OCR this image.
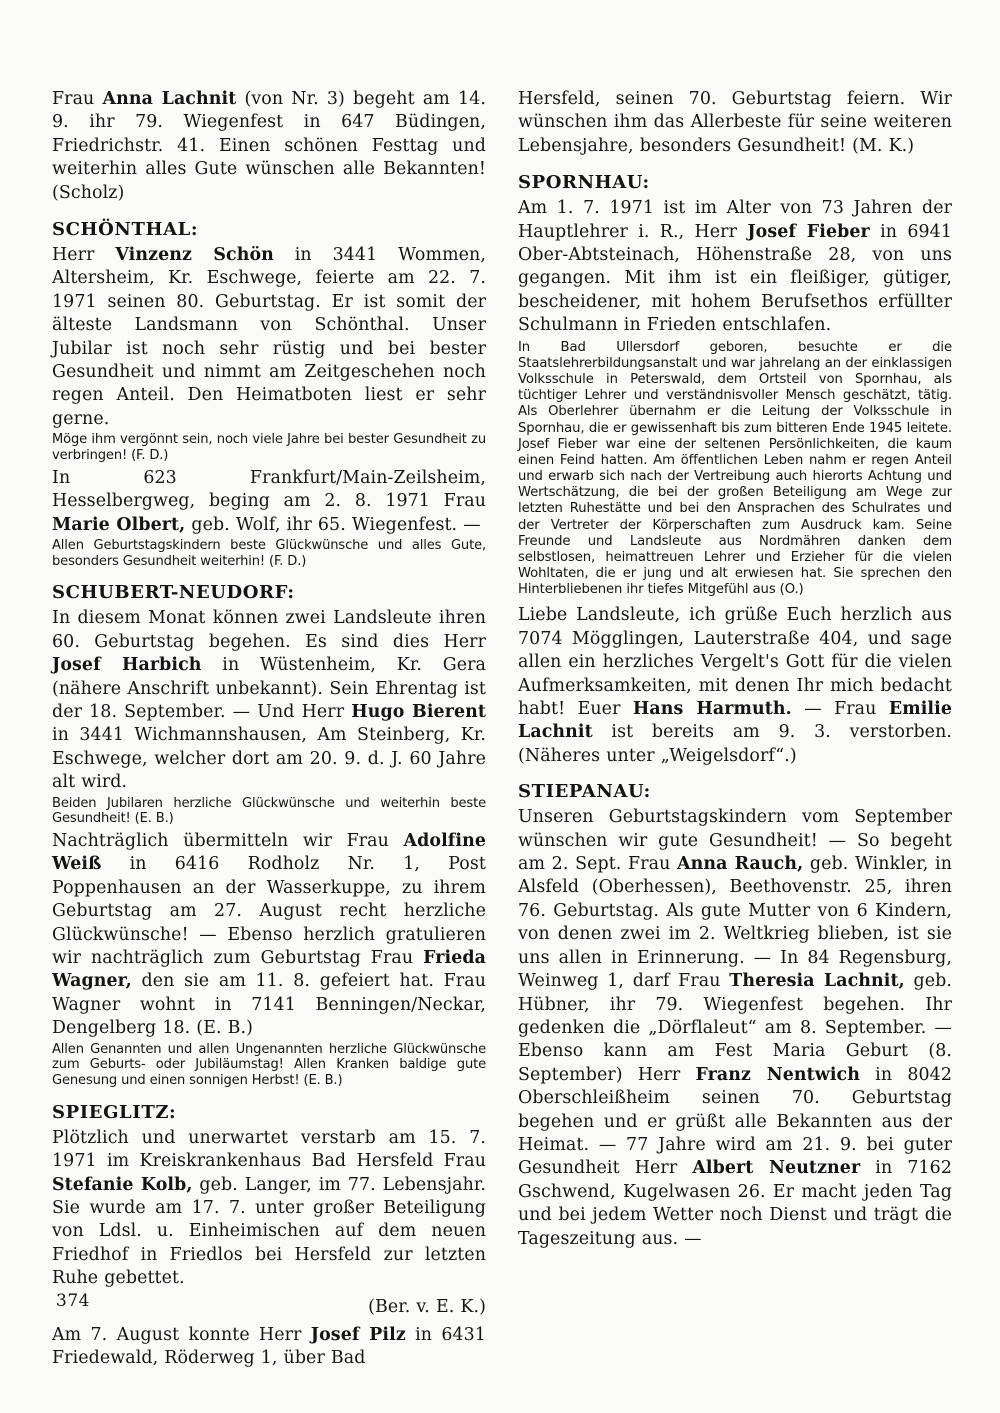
Frau Anna Lachnit (von Nr. 3) begeht am 14. 9. ihr 79. Wiegenfest in 647 Büdingen, Friedrichstr. 41. Einen schönen Festtag und weiterhin alles Gute wünschen alle Bekannten! (Scholz)

SCHÖNTHAL:

Herr Vinzenz Schön in 3441 Wommen, Altersheim, Kr. Eschwege, feierte am 22. 7. 1971 seinen 80. Geburtstag. Er ist somit der älteste Landsmann von Schönthal. Unser Jubilar ist noch sehr rüstig und bei bester Gesundheit und nimmt am Zeitgeschehen noch regen Anteil. Den Heimatboten liest er sehr gerne.

Möge ihm vergönnt sein, noch viele Jahre bei bester Gesundheit zu verbringen! (F. D.)

In 623 Frankfurt/Main-Zeilsheim, Hesselbergweg, beging am 2. 8. 1971 Frau Marie Olbert, geb. Wolf, ihr 65. Wiegenfest. —

Allen Geburtstagskindern beste Glückwünsche und alles Gute, besonders Gesundheit weiterhin! (F. D.)

SCHUBERT-NEUDORF:

In diesem Monat können zwei Landsleute ihren 60. Geburtstag begehen. Es sind dies Herr Josef Harbich in Wüstenheim, Kr. Gera (nähere Anschrift unbekannt). Sein Ehrentag ist der 18. September. — Und Herr Hugo Bierent in 3441 Wichmannshausen, Am Steinberg, Kr. Eschwege, welcher dort am 20. 9. d. J. 60 Jahre alt wird.

Beiden Jubilaren herzliche Glückwünsche und weiterhin beste Gesundheit! (E. B.)

Nachträglich übermitteln wir Frau Adolfine Weiß in 6416 Rodholz Nr. 1, Post Poppenhausen an der Wasserkuppe, zu ihrem Geburtstag am 27. August recht herzliche Glückwünsche! — Ebenso herzlich gratulieren wir nachträglich zum Geburtstag Frau Frieda Wagner, den sie am 11. 8. gefeiert hat. Frau Wagner wohnt in 7141 Benningen/Neckar, Dengelberg 18. (E. B.)

Allen Genannten und allen Ungenannten herzliche Glückwünsche zum Geburts- oder Jubiläumstag! Allen Kranken baldige gute Genesung und einen sonnigen Herbst! (E. B.)

SPIEGLITZ:

Plötzlich und unerwartet verstarb am 15. 7. 1971 im Kreiskrankenhaus Bad Hersfeld Frau Stefanie Kolb, geb. Langer, im 77. Lebensjahr. Sie wurde am 17. 7. unter großer Beteiligung von Ldsl. u. Einheimischen auf dem neuen Friedhof in Friedlos bei Hersfeld zur letzten Ruhe gebettet.

(Ber. v. E. K.)

Am 7. August konnte Herr Josef Pilz in 6431 Friedewald, Röderweg 1, über Bad

Hersfeld, seinen 70. Geburtstag feiern. Wir wünschen ihm das Allerbeste für seine weiteren Lebensjahre, besonders Gesundheit! (M. K.)

SPORNHAU:

Am 1. 7. 1971 ist im Alter von 73 Jahren der Hauptlehrer i. R., Herr Josef Fieber in 6941 Ober-Abtsteinach, Höhenstraße 28, von uns gegangen. Mit ihm ist ein fleißiger, gütiger, bescheidener, mit hohem Berufsethos erfüllter Schulmann in Frieden entschlafen.

In Bad Ullersdorf geboren, besuchte er die Staatslehrerbildungsanstalt und war jahrelang an der einklassigen Volksschule in Peterswald, dem Ortsteil von Spornhau, als tüchtiger Lehrer und verständnisvoller Mensch geschätzt, tätig. Als Oberlehrer übernahm er die Leitung der Volksschule in Spornhau, die er gewissenhaft bis zum bitteren Ende 1945 leitete. Josef Fieber war eine der seltenen Persönlichkeiten, die kaum einen Feind hatten. Am öffentlichen Leben nahm er regen Anteil und erwarb sich nach der Vertreibung auch hierorts Achtung und Wertschätzung, die bei der großen Beteiligung am Wege zur letzten Ruhestätte und bei den Ansprachen des Schulrates und der Vertreter der Körperschaften zum Ausdruck kam. Seine Freunde und Landsleute aus Nordmähren danken dem selbstlosen, heimattreuen Lehrer und Erzieher für die vielen Wohltaten, die er jung und alt erwiesen hat. Sie sprechen den Hinterbliebenen ihr tiefes Mitgefühl aus (O.)

Liebe Landsleute, ich grüße Euch herzlich aus 7074 Mögglingen, Lauterstraße 404, und sage allen ein herzliches Vergelt's Gott für die vielen Aufmerksamkeiten, mit denen Ihr mich bedacht habt! Euer Hans Harmuth. — Frau Emilie Lachnit ist bereits am 9. 3. verstorben. (Näheres unter „Weigelsdorf“.)

STIEPANAU:

Unseren Geburtstagskindern vom September wünschen wir gute Gesundheit! — So begeht am 2. Sept. Frau Anna Rauch, geb. Winkler, in Alsfeld (Oberhessen), Beethovenstr. 25, ihren 76. Geburtstag. Als gute Mutter von 6 Kindern, von denen zwei im 2. Weltkrieg blieben, ist sie uns allen in Erinnerung. — In 84 Regensburg, Weinweg 1, darf Frau Theresia Lachnit, geb. Hübner, ihr 79. Wiegenfest begehen. Ihr gedenken die „Dörflaleut“ am 8. September. — Ebenso kann am Fest Maria Geburt (8. September) Herr Franz Nentwich in 8042 Oberschleißheim seinen 70. Geburtstag begehen und er grüßt alle Bekannten aus der Heimat. — 77 Jahre wird am 21. 9. bei guter Gesundheit Herr Albert Neutzner in 7162 Gschwend, Kugelwasen 26. Er macht jeden Tag und bei jedem Wetter noch Dienst und trägt die Tageszeitung aus. —

374
